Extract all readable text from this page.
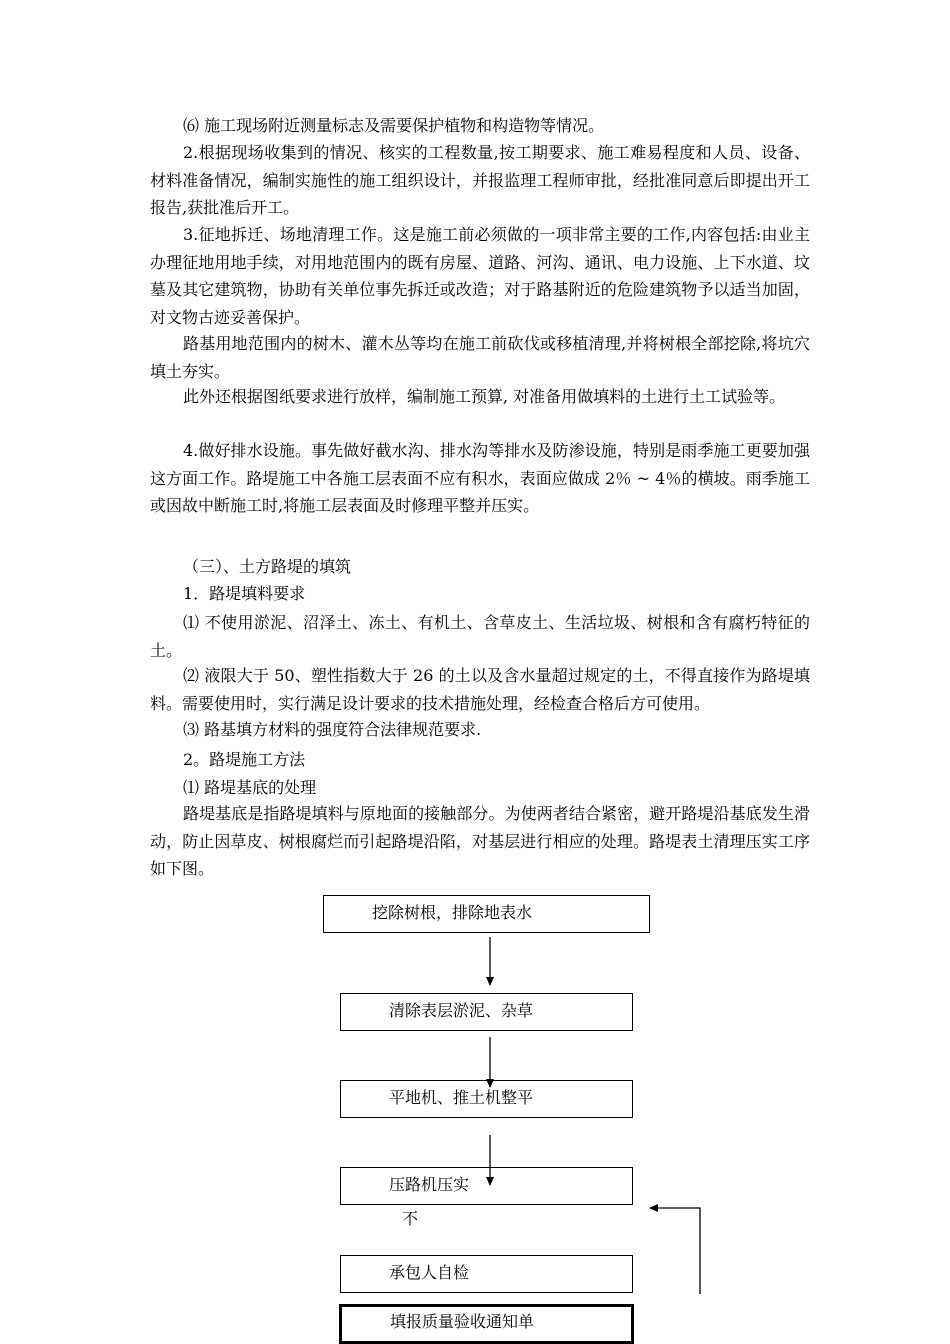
⑹ 施工现场附近测量标志及需要保护植物和构造物等情况。

2.根据现场收集到的情况、核实的工程数量,按工期要求、施工难易程度和人员、设备、材料准备情况，编制实施性的施工组织设计，并报监理工程师审批，经批准同意后即提出开工报告,获批准后开工。

3.征地拆迁、场地清理工作。这是施工前必须做的一项非常主要的工作,内容包括:由业主办理征地用地手续，对用地范围内的既有房屋、道路、河沟、通讯、电力设施、上下水道、坟墓及其它建筑物，协助有关单位事先拆迁或改造；对于路基附近的危险建筑物予以适当加固，对文物古迹妥善保护。

路基用地范围内的树木、灌木丛等均在施工前砍伐或移植清理,并将树根全部挖除,将坑穴填土夯实。

此外还根据图纸要求进行放样，编制施工预算, 对准备用做填料的土进行土工试验等。

4.做好排水设施。事先做好截水沟、排水沟等排水及防渗设施，特别是雨季施工更要加强这方面工作。路堤施工中各施工层表面不应有积水，表面应做成 2％ ~ 4％的横坡。雨季施工或因故中断施工时,将施工层表面及时修理平整并压实。

（三）、土方路堤的填筑

1．路堤填料要求

⑴ 不使用淤泥、沼泽土、冻土、有机土、含草皮土、生活垃圾、树根和含有腐朽特征的土。

⑵ 液限大于 50、塑性指数大于 26 的土以及含水量超过规定的土，不得直接作为路堤填料。需要使用时，实行满足设计要求的技术措施处理，经检查合格后方可使用。

⑶ 路基填方材料的强度符合法律规范要求.

2。路堤施工方法

⑴ 路堤基底的处理

路堤基底是指路堤填料与原地面的接触部分。为使两者结合紧密，避开路堤沿基底发生滑动，防止因草皮、树根腐烂而引起路堤沿陷，对基层进行相应的处理。路堤表土清理压实工序如下图。

挖除树根，排除地表水
清除表层淤泥、杂草
平地机、推土机整平
压路机压实
不
承包人自检
填报质量验收通知单
